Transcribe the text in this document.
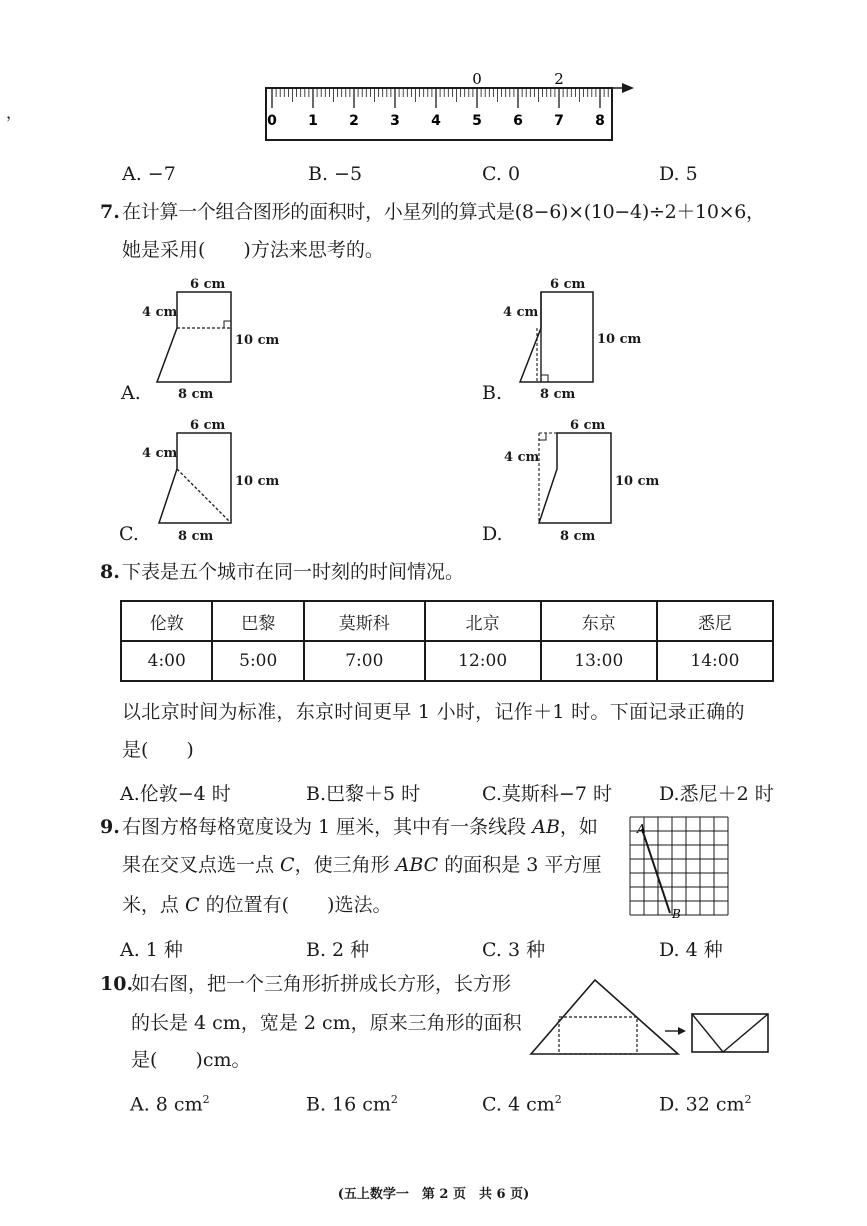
，	0 1 2 3 4 5 6 7 8
0	2
A. −7	B. −5	C. 0	D. 5
7. 在计算一个组合图形的面积时，小星列的算式是(8−6)×(10−4)÷2＋10×6，
她是采用(　　)方法来思考的。
6 cm
4 cm
10 cm
8 cm
A.
6 cm
4 cm
10 cm
8 cm
B.
6 cm
4 cm
10 cm
8 cm
C.
6 cm
4 cm
10 cm
8 cm
D.
8. 下表是五个城市在同一时刻的时间情况。
伦敦	巴黎	莫斯科	北京	东京	悉尼
4:00	5:00	7:00	12:00	13:00	14:00
以北京时间为标准，东京时间更早 1 小时，记作＋1 时。下面记录正确的
是(　　)
A.伦敦−4 时	B.巴黎＋5 时	C.莫斯科−7 时 D.悉尼＋2 时
9. 右图方格每格宽度设为 1 厘米，其中有一条线段 AB，如
果在交叉点选一点 C，使三角形 ABC 的面积是 3 平方厘
米，点 C 的位置有(　　)选法。
A
B
A. 1 种	B. 2 种	C. 3 种	D. 4 种
10.
如右图，把一个三角形折拼成长方形，长方形
的长是 4 cm，宽是 2 cm，原来三角形的面积
是(　　)cm。
A. 8 $cm^2$	B. 16 $cm^2$	C. 4 $cm^2$	D. 32 $cm^2$
(五上数学一　第 2 页　共 6 页)
